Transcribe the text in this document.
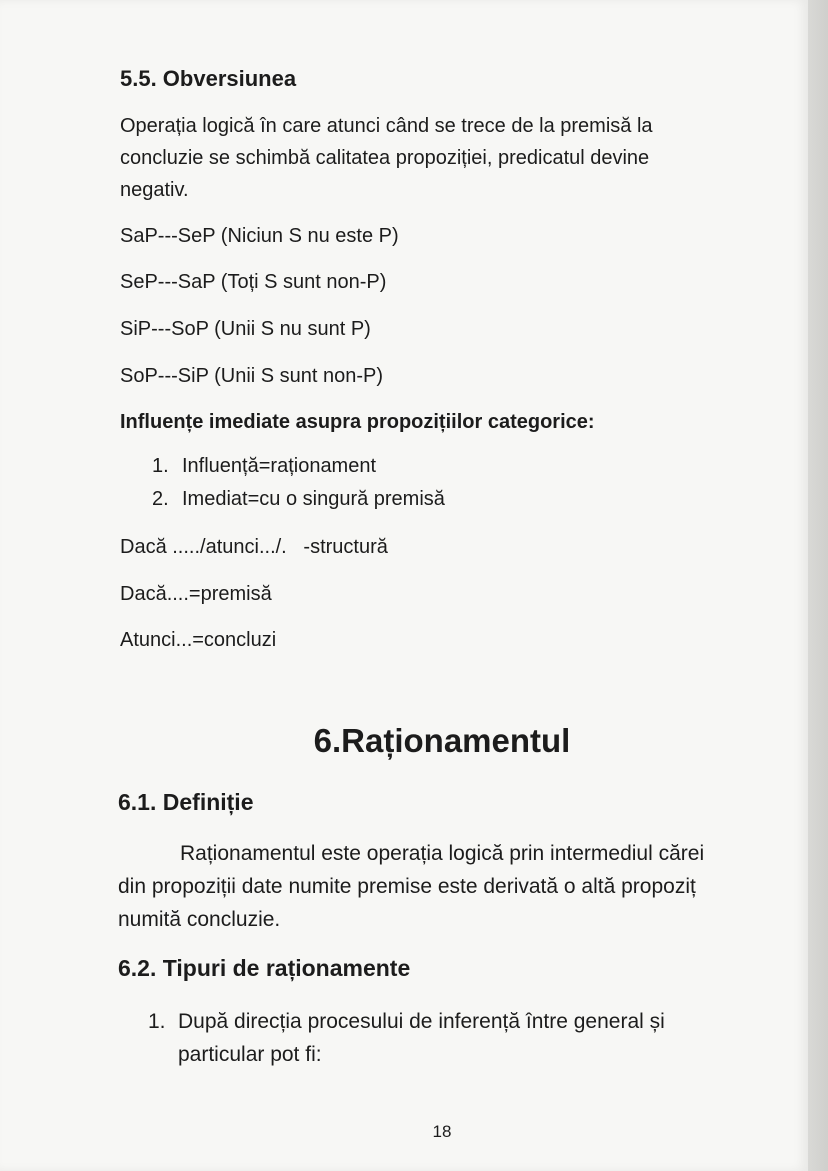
5.5. Obversiunea
Operația logică în care atunci când se trece de la premisă la
concluzie se schimbă calitatea propoziției, predicatul devine
negativ.
SaP---SeP (Niciun S nu este P)
SeP---SaP (Toți S sunt non-P)
SiP---SoP (Unii S nu sunt P)
SoP---SiP (Unii S sunt non-P)
Influențe imediate asupra propozițiilor categorice:
1. Influență=raționament
2. Imediat=cu o singură premisă
Dacă ...../atunci.../.   -structură
Dacă....=premisă
Atunci...=concluzi
6.Raționamentul
6.1. Definiție
Raționamentul este operația logică prin intermediul cărei
din propoziții date numite premise este derivată o altă propoziț
numită concluzie.
6.2. Tipuri de raționamente
1. După direcția procesului de inferență între general și
particular pot fi:
18
